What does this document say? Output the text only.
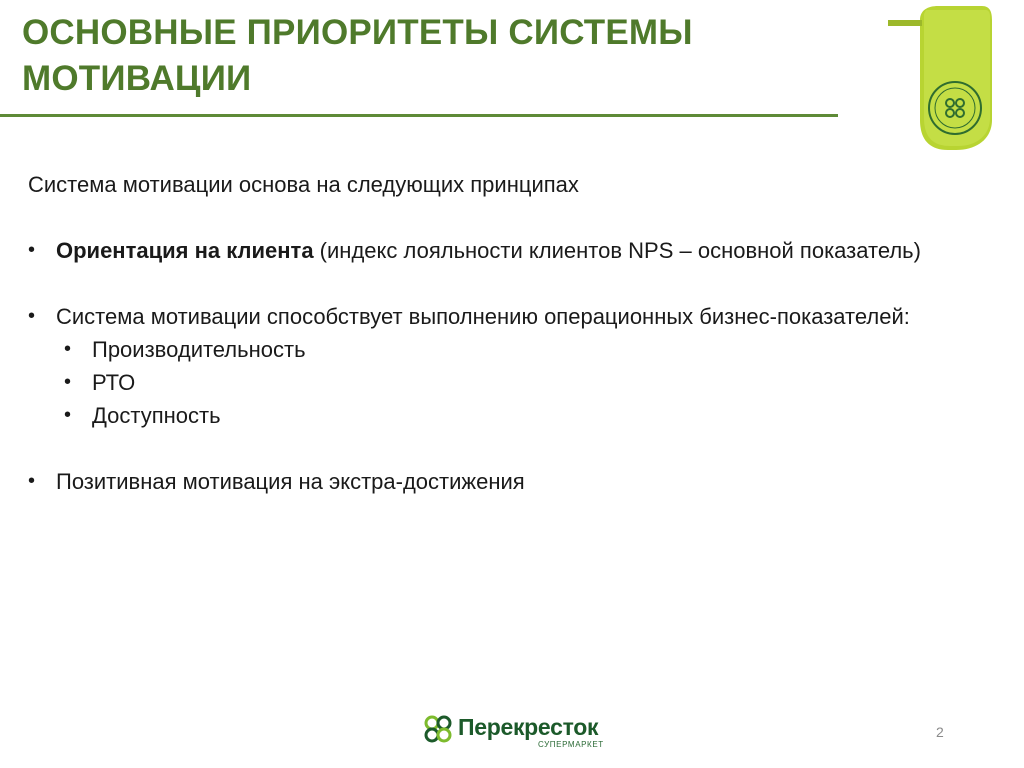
ОСНОВНЫЕ ПРИОРИТЕТЫ СИСТЕМЫ
МОТИВАЦИИ

Система мотивации основа на следующих принципах

• Ориентация на клиента (индекс лояльности клиентов NPS – основной показатель)

• Система мотивации способствует выполнению операционных бизнес-показателей:

• Производительность

• РТО

• Доступность

• Позитивная мотивация на экстра-достижения

Перекресток
СУПЕРМАРКЕТ
2
